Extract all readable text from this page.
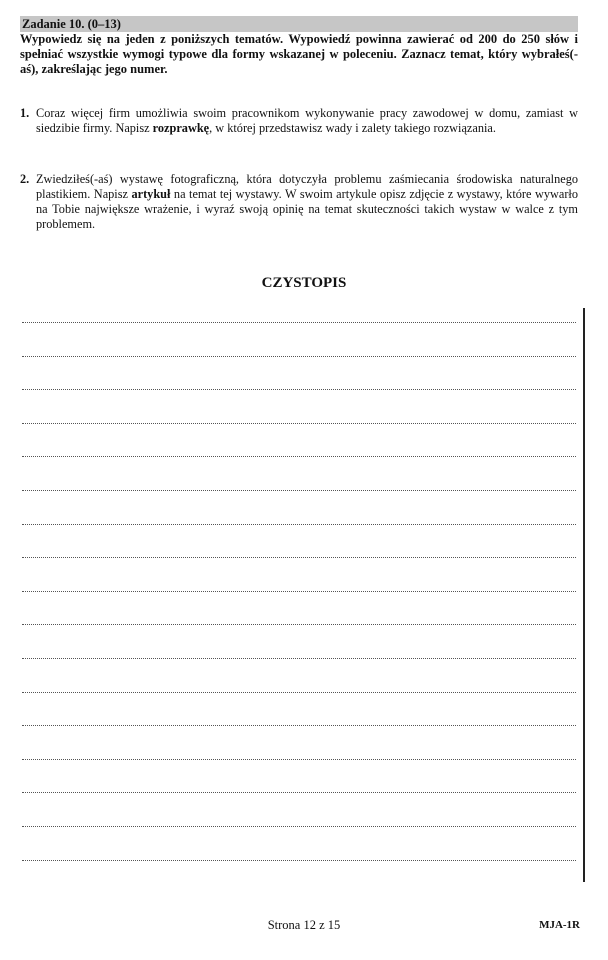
Zadanie 10. (0–13)

Wypowiedz się na jeden z poniższych tematów. Wypowiedź powinna zawierać od 200 do 250 słów i spełniać wszystkie wymogi typowe dla formy wskazanej w poleceniu. Zaznacz temat, który wybrałeś(-aś), zakreślając jego numer.

1. Coraz więcej firm umożliwia swoim pracownikom wykonywanie pracy zawodowej w domu, zamiast w siedzibie firmy. Napisz rozprawkę, w której przedstawisz wady i zalety takiego rozwiązania.
2. Zwiedziłeś(-aś) wystawę fotograficzną, która dotyczyła problemu zaśmiecania środowiska naturalnego plastikiem. Napisz artykuł na temat tej wystawy. W swoim artykule opisz zdjęcie z wystawy, które wywarło na Tobie największe wrażenie, i wyraź swoją opinię na temat skuteczności takich wystaw w walce z tym problemem.
CZYSTOPIS
Strona 12 z 15	MJA-1R
